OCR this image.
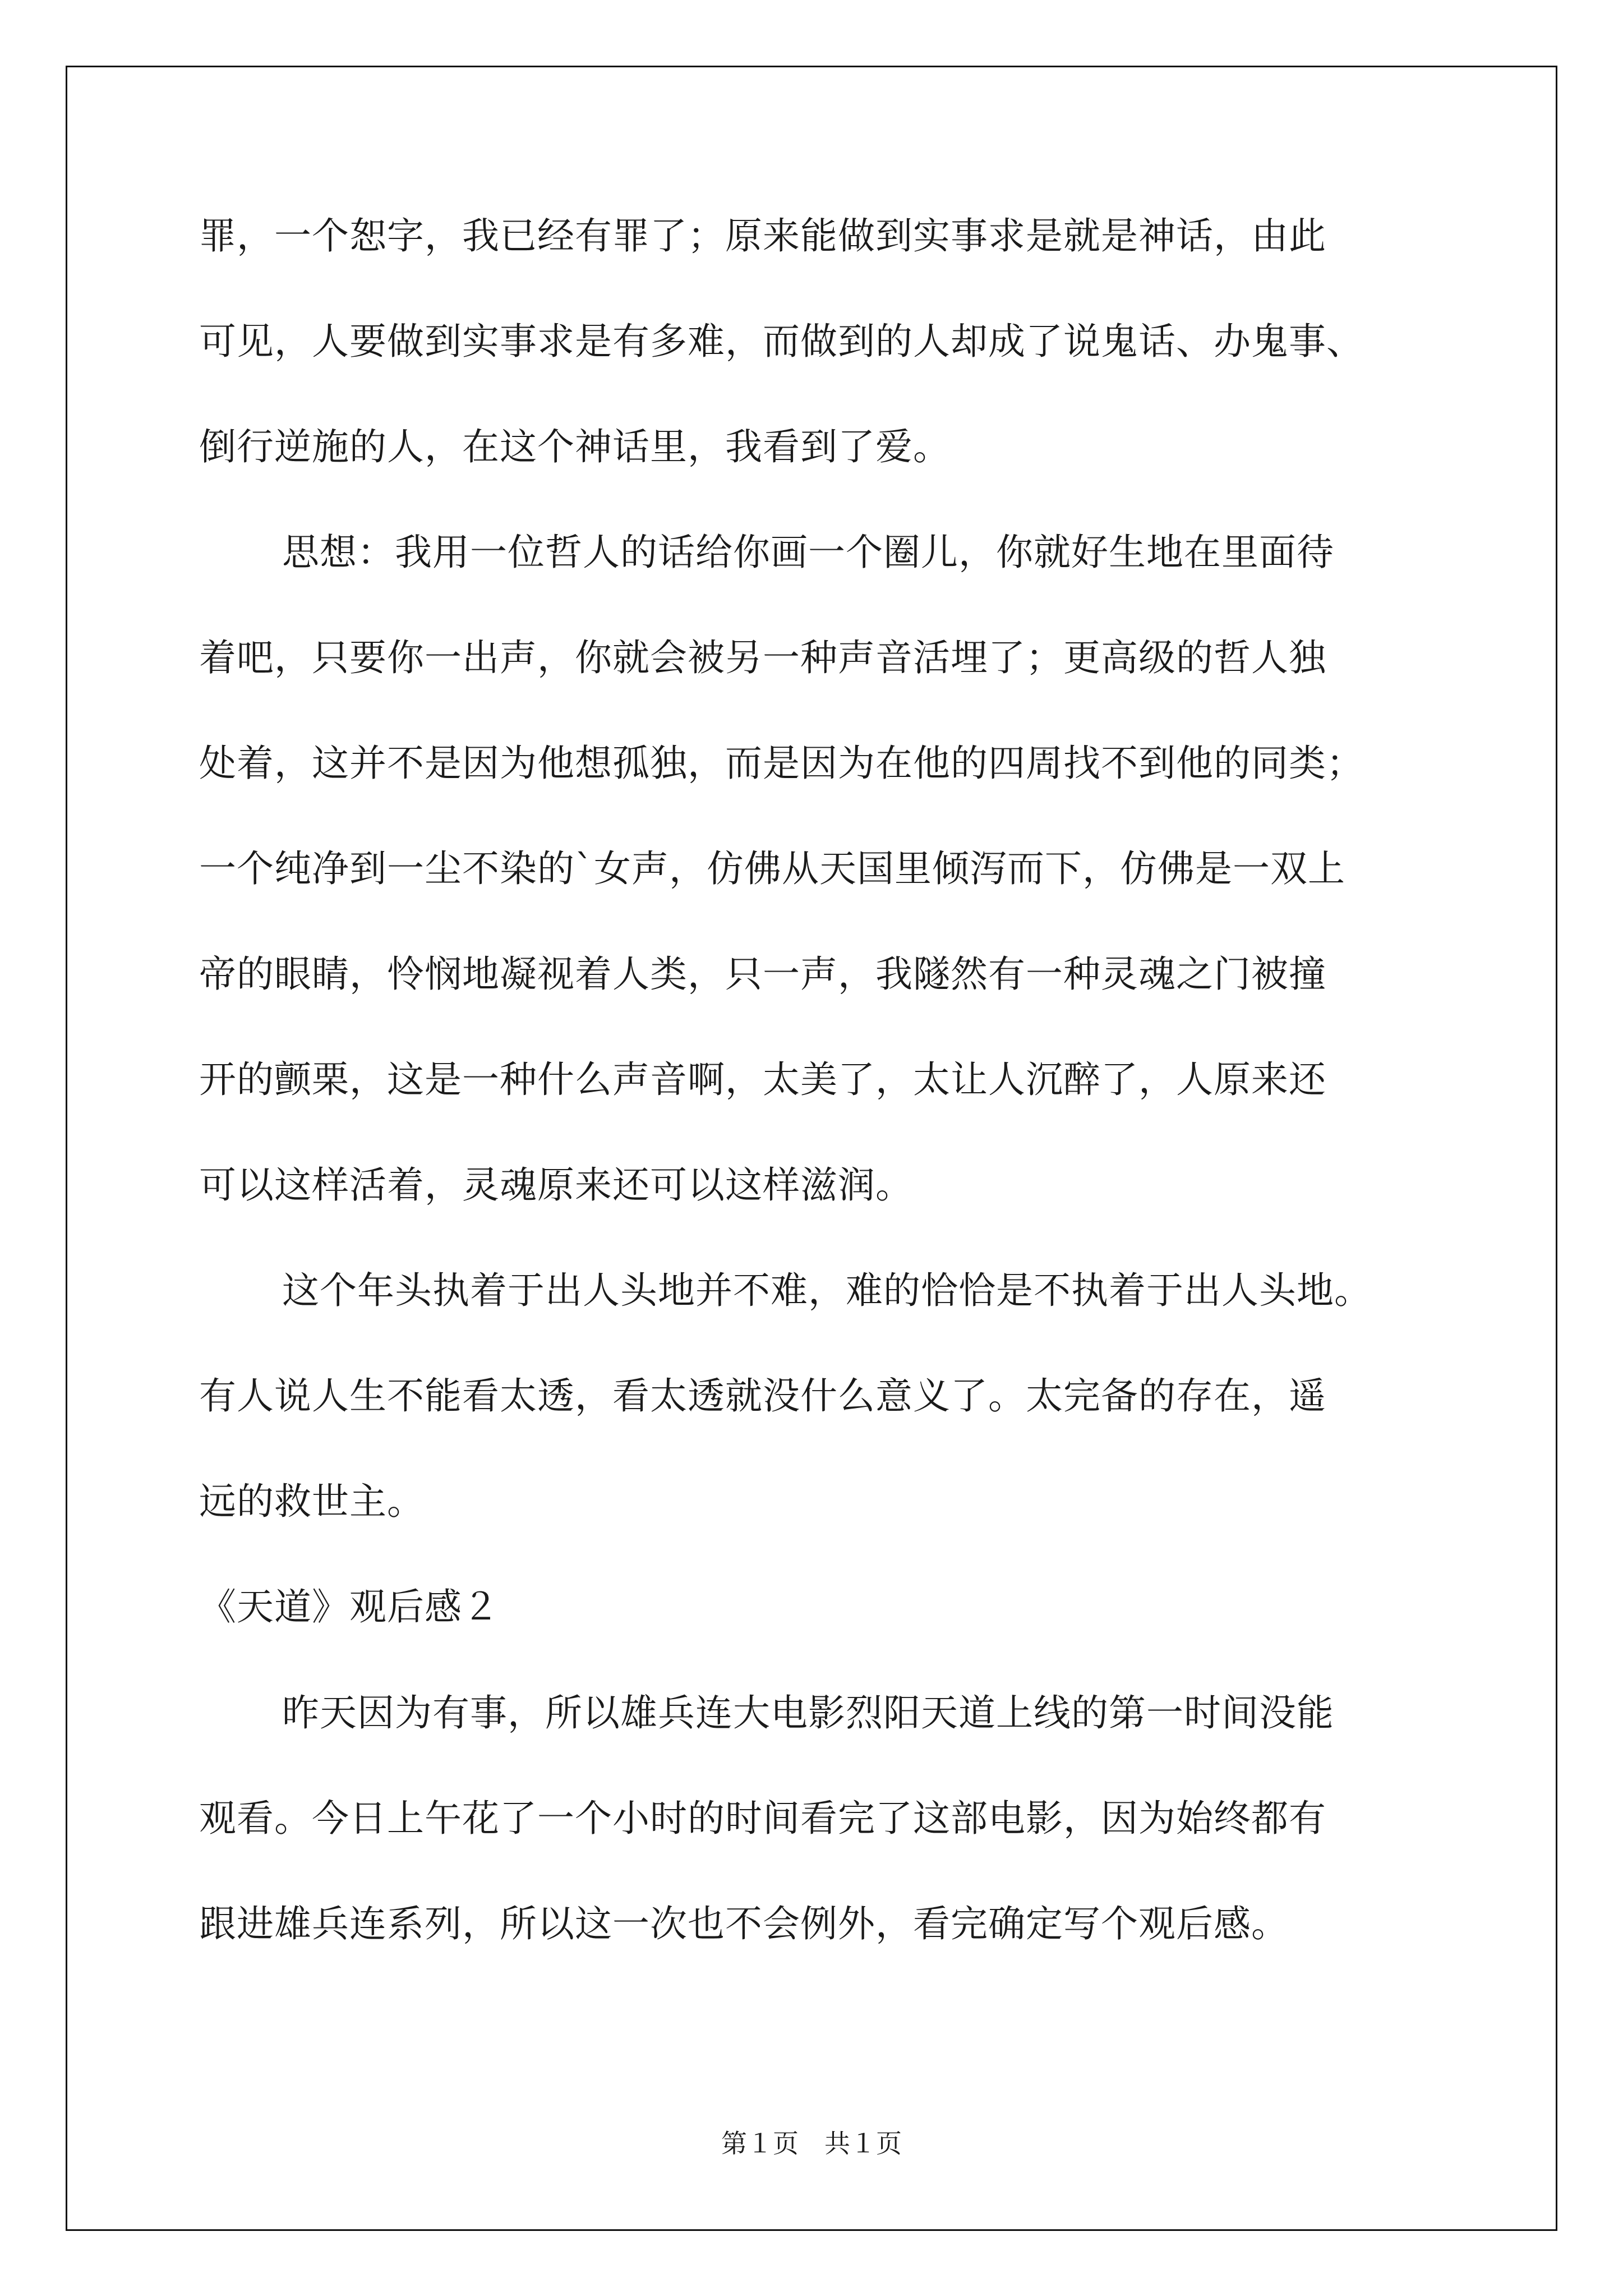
罪，一个恕字，我已经有罪了；原来能做到实事求是就是神话，由此
可见，人要做到实事求是有多难，而做到的人却成了说鬼话、办鬼事、
倒行逆施的人，在这个神话里，我看到了爱。
思想：我用一位哲人的话给你画一个圈儿，你就好生地在里面待
着吧，只要你一出声，你就会被另一种声音活埋了；更高级的哲人独
处着，这并不是因为他想孤独，而是因为在他的四周找不到他的同类；
一个纯净到一尘不染的`女声，仿佛从天国里倾泻而下，仿佛是一双上
帝的眼睛，怜悯地凝视着人类，只一声，我隧然有一种灵魂之门被撞
开的颤栗，这是一种什么声音啊，太美了，太让人沉醉了，人原来还
可以这样活着，灵魂原来还可以这样滋润。
这个年头执着于出人头地并不难，难的恰恰是不执着于出人头地。
有人说人生不能看太透，看太透就没什么意义了。太完备的存在，遥
远的救世主。
《天道》观后感２
昨天因为有事，所以雄兵连大电影烈阳天道上线的第一时间没能
观看。今日上午花了一个小时的时间看完了这部电影，因为始终都有
跟进雄兵连系列，所以这一次也不会例外，看完确定写个观后感。
第１页　共１页
